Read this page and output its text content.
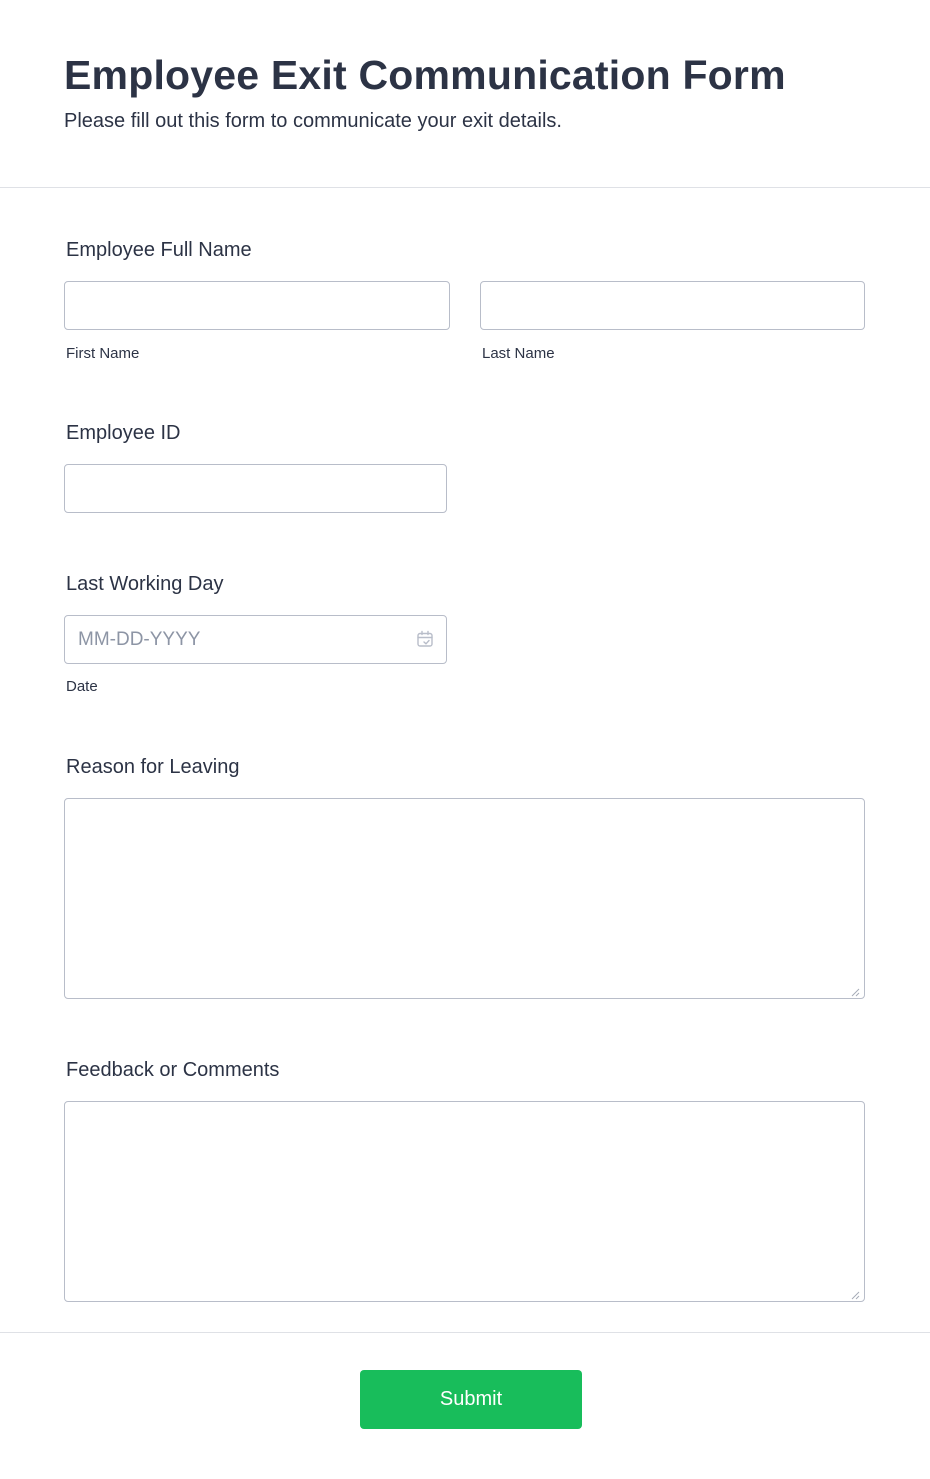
Employee Exit Communication Form

Please fill out this form to communicate your exit details.

Employee Full Name
First Name	Last Name
Employee ID
Last Working Day
MM-DD-YYYY
Date
Reason for Leaving
Feedback or Comments
Submit
